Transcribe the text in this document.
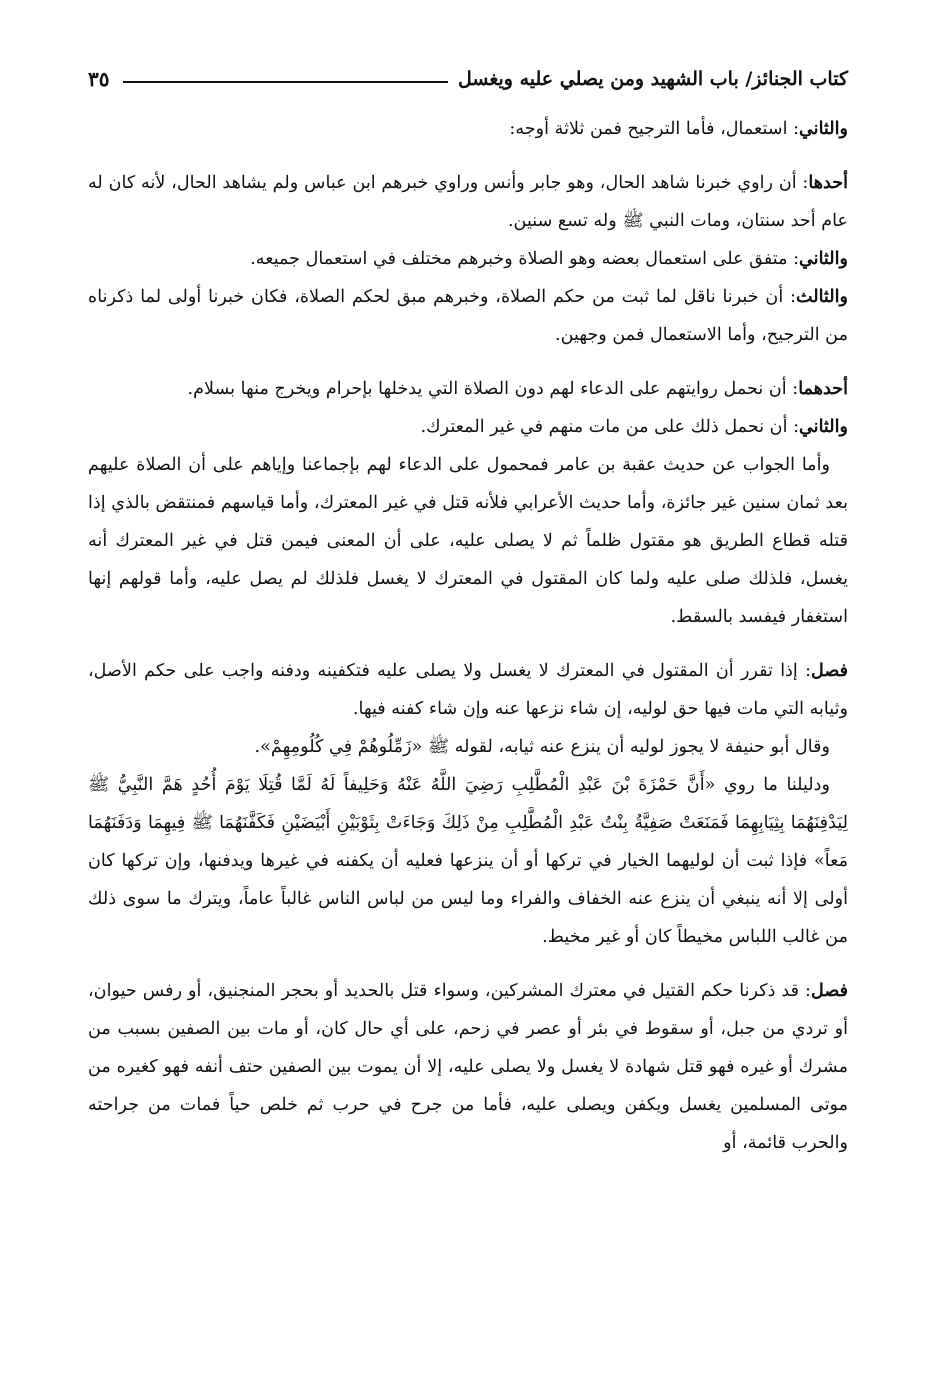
كتاب الجنائز/ باب الشهيد ومن يصلي عليه ويغسل
٣٥

والثاني: استعمال، فأما الترجيح فمن ثلاثة أوجه:

أحدها: أن راوي خبرنا شاهد الحال، وهو جابر وأنس وراوي خبرهم ابن عباس ولم يشاهد الحال، لأنه كان له عام أحد سنتان، ومات النبي ﷺ وله تسع سنين.

والثاني: متفق على استعمال بعضه وهو الصلاة وخبرهم مختلف في استعمال جميعه.

والثالث: أن خبرنا ناقل لما ثبت من حكم الصلاة، وخبرهم مبق لحكم الصلاة، فكان خبرنا أولى لما ذكرناه من الترجيح، وأما الاستعمال فمن وجهين.

أحدهما: أن نحمل روايتهم على الدعاء لهم دون الصلاة التي يدخلها بإحرام ويخرج منها بسلام.

والثاني: أن نحمل ذلك على من مات منهم في غير المعترك.

وأما الجواب عن حديث عقبة بن عامر فمحمول على الدعاء لهم بإجماعنا وإياهم على أن الصلاة عليهم بعد ثمان سنين غير جائزة، وأما حديث الأعرابي فلأنه قتل في غير المعترك، وأما قياسهم فمنتقض بالذي إذا قتله قطاع الطريق هو مقتول ظلماً ثم لا يصلى عليه، على أن المعنى فيمن قتل في غير المعترك أنه يغسل، فلذلك صلى عليه ولما كان المقتول في المعترك لا يغسل فلذلك لم يصل عليه، وأما قولهم إنها استغفار فيفسد بالسقط.

فصل: إذا تقرر أن المقتول في المعترك لا يغسل ولا يصلى عليه فتكفينه ودفنه واجب على حكم الأصل، وثيابه التي مات فيها حق لوليه، إن شاء نزعها عنه وإن شاء كفنه فيها.

وقال أبو حنيفة لا يجوز لوليه أن ينزع عنه ثيابه، لقوله ﷺ «زَمِّلُوهُمْ فِي كُلُومِهِمْ».

ودليلنا ما روي «أَنَّ حَمْزَةَ بْنَ عَبْدِ الْمُطَّلِبِ رَضِيَ اللَّهُ عَنْهُ وَحَلِيفاً لَهُ لَمَّا قُتِلَا يَوْمَ أُحُدٍ هَمَّ النَّبِيُّ ﷺ لِيَدْفِنَهُمَا بِثِيَابِهِمَا فَمَنَعَتْ صَفِيَّةُ بِنْتُ عَبْدِ الْمُطَّلِبِ مِنْ ذَلِكَ وَجَاءَتْ بِثَوْبَيْنِ أَبْيَضَيْنِ فَكَفَّنَهُمَا ﷺ فِيهِمَا وَدَفَنَهُمَا مَعاً» فإذا ثبت أن لوليهما الخيار في تركها أو أن ينزعها فعليه أن يكفنه في غيرها ويدفنها، وإن تركها كان أولى إلا أنه ينبغي أن ينزع عنه الخفاف والفراء وما ليس من لباس الناس غالباً عاماً، ويترك ما سوى ذلك من غالب اللباس مخيطاً كان أو غير مخيط.

فصل: قد ذكرنا حكم القتيل في معترك المشركين، وسواء قتل بالحديد أو بحجر المنجنيق، أو رفس حيوان، أو تردي من جبل، أو سقوط في بئر أو عصر في زحم، على أي حال كان، أو مات بين الصفين بسبب من مشرك أو غيره فهو قتل شهادة لا يغسل ولا يصلى عليه، إلا أن يموت بين الصفين حتف أنفه فهو كغيره من موتى المسلمين يغسل ويكفن ويصلى عليه، فأما من جرح في حرب ثم خلص حياً فمات من جراحته والحرب قائمة، أو
